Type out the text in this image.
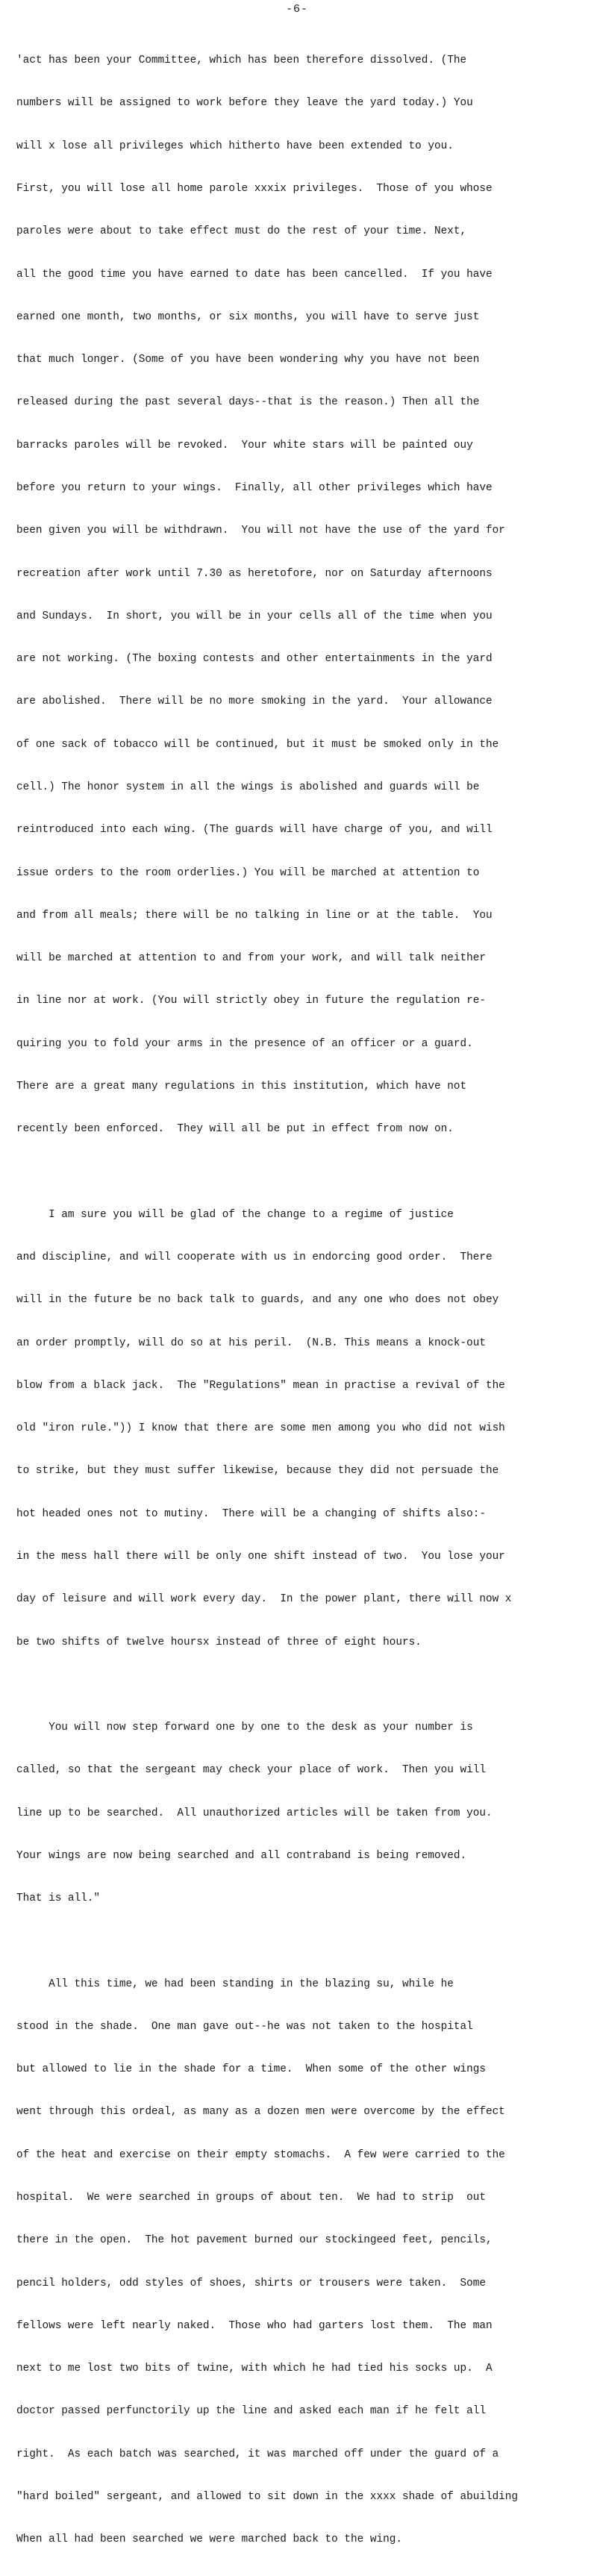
-6-

'act has been your Committee, which has been therefore dissolved. (The

numbers will be assigned to work before they leave the yard today.) You

will x lose all privileges which hitherto have been extended to you.

First, you will lose all home parole xxxix privileges.  Those of you whose

paroles were about to take effect must do the rest of your time. Next,

all the good time you have earned to date has been cancelled.  If you have

earned one month, two months, or six months, you will have to serve just

that much longer. (Some of you have been wondering why you have not been

released during the past several days--that is the reason.) Then all the

barracks paroles will be revoked.  Your white stars will be painted ouy

before you return to your wings.  Finally, all other privileges which have

been given you will be withdrawn.  You will not have the use of the yard for

recreation after work until 7.30 as heretofore, nor on Saturday afternoons

and Sundays.  In short, you will be in your cells all of the time when you

are not working. (The boxing contests and other entertainments in the yard

are abolished.  There will be no more smoking in the yard.  Your allowance

of one sack of tobacco will be continued, but it must be smoked only in the

cell.) The honor system in all the wings is abolished and guards will be

reintroduced into each wing. (The guards will have charge of you, and will

issue orders to the room orderlies.) You will be marched at attention to

and from all meals; there will be no talking in line or at the table.  You

will be marched at attention to and from your work, and will talk neither

in line nor at work. (You will strictly obey in future the regulation re-

quiring you to fold your arms in the presence of an officer or a guard.

There are a great many regulations in this institution, which have not

recently been enforced.  They will all be put in effect from now on.

I am sure you will be glad of the change to a regime of justice

and discipline, and will cooperate with us in endorcing good order.  There

will in the future be no back talk to guards, and any one who does not obey

an order promptly, will do so at his peril.  (N.B. This means a knock-out

blow from a black jack.  The "Regulations" mean in practise a revival of the

old "iron rule.")) I know that there are some men among you who did not wish

to strike, but they must suffer likewise, because they did not persuade the

hot headed ones not to mutiny.  There will be a changing of shifts also:-

in the mess hall there will be only one shift instead of two.  You lose your

day of leisure and will work every day.  In the power plant, there will now x

be two shifts of twelve hoursx instead of three of eight hours.

You will now step forward one by one to the desk as your number is

called, so that the sergeant may check your place of work.  Then you will

line up to be searched.  All unauthorized articles will be taken from you.

Your wings are now being searched and all contraband is being removed.

That is all."

All this time, we had been standing in the blazing su, while he

stood in the shade.  One man gave out--he was not taken to the hospital

but allowed to lie in the shade for a time.  When some of the other wings

went through this ordeal, as many as a dozen men were overcome by the effect

of the heat and exercise on their empty stomachs.  A few were carried to the

hospital.  We were searched in groups of about ten.  We had to strip  out

there in the open.  The hot pavement burned our stockingeed feet, pencils,

pencil holders, odd styles of shoes, shirts or trousers were taken.  Some

fellows were left nearly naked.  Those who had garters lost them.  The man

next to me lost two bits of twine, with which he had tied his socks up.  A

doctor passed perfunctorily up the line and asked each man if he felt all

right.  As each batch was searched, it was marched off under the guard of a

"hard boiled" sergeant, and allowed to sit down in the xxxx shade of abuilding

When all had been searched we were marched back to the wing.
